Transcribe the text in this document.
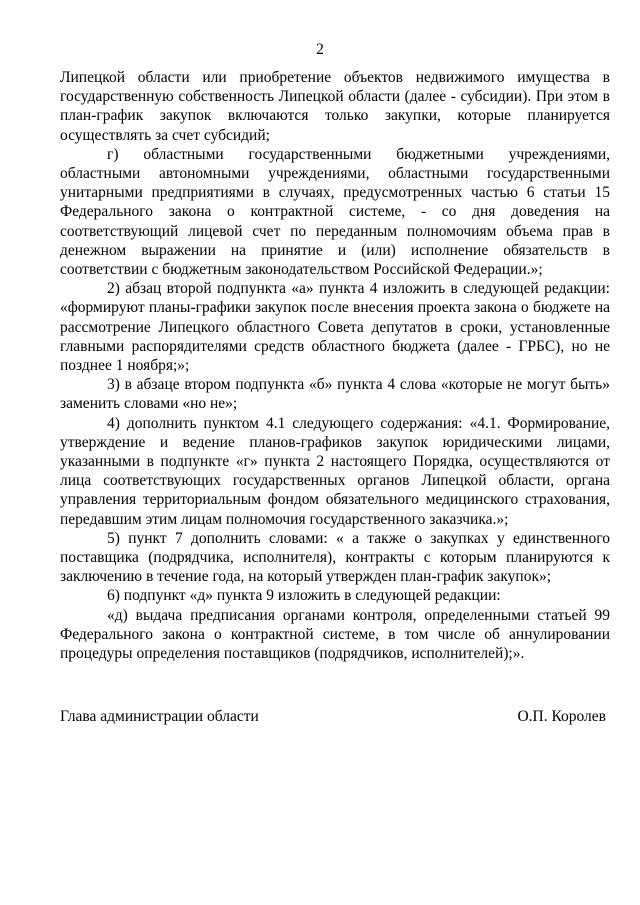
2

Липецкой области или приобретение объектов недвижимого имущества в государственную собственность Липецкой области (далее - субсидии). При этом в план-график закупок включаются только закупки, которые планируется осуществлять за счет субсидий;

г) областными государственными бюджетными учреждениями, областными автономными учреждениями, областными государственными унитарными предприятиями в случаях, предусмотренных частью 6 статьи 15 Федерального закона о контрактной системе, - со дня доведения на соответствующий лицевой счет по переданным полномочиям объема прав в денежном выражении на принятие и (или) исполнение обязательств в соответствии с бюджетным законодательством Российской Федерации.»;

2) абзац второй подпункта «а» пункта 4 изложить в следующей редакции: «формируют планы-графики закупок после внесения проекта закона о бюджете на рассмотрение Липецкого областного Совета депутатов в сроки, установленные главными распорядителями средств областного бюджета (далее - ГРБС), но не позднее 1 ноября;»;

3) в абзаце втором подпункта «б» пункта 4 слова «которые не могут быть» заменить словами «но не»;

4) дополнить пунктом 4.1 следующего содержания: «4.1. Формирование, утверждение и ведение планов-графиков закупок юридическими лицами, указанными в подпункте «г» пункта 2 настоящего Порядка, осуществляются от лица соответствующих государственных органов Липецкой области, органа управления территориальным фондом обязательного медицинского страхования, передавшим этим лицам полномочия государственного заказчика.»;

5) пункт 7 дополнить словами: « а также о закупках у единственного поставщика (подрядчика, исполнителя), контракты с которым планируются к заключению в течение года, на который утвержден план-график закупок»;

6) подпункт «д» пункта 9 изложить в следующей редакции:

«д) выдача предписания органами контроля, определенными статьей 99 Федерального закона о контрактной системе, в том числе об аннулировании процедуры определения поставщиков (подрядчиков, исполнителей);».

Глава администрации области	О.П. Королев
